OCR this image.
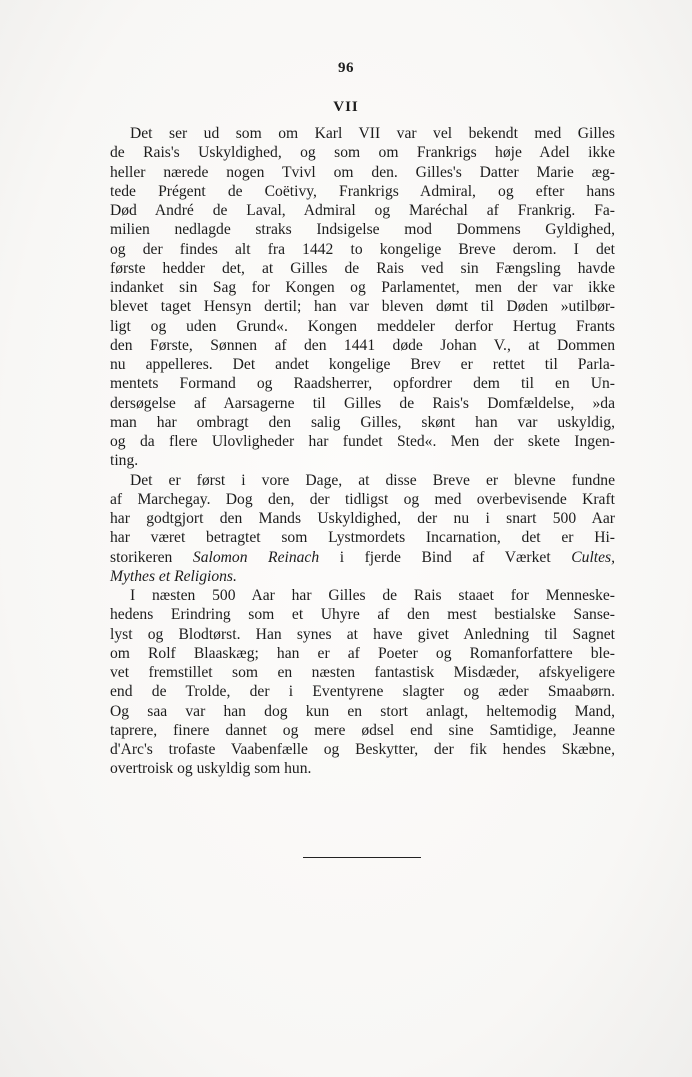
96
VII
Det ser ud som om Karl VII var vel bekendt med Gilles
de Rais's Uskyldighed, og som om Frankrigs høje Adel ikke
heller nærede nogen Tvivl om den. Gilles's Datter Marie æg-
tede Prégent de Coëtivy, Frankrigs Admiral, og efter hans
Død André de Laval, Admiral og Maréchal af Frankrig. Fa-
milien nedlagde straks Indsigelse mod Dommens Gyldighed,
og der findes alt fra 1442 to kongelige Breve derom. I det
første hedder det, at Gilles de Rais ved sin Fængsling havde
indanket sin Sag for Kongen og Parlamentet, men der var ikke
blevet taget Hensyn dertil; han var bleven dømt til Døden »utilbør-
ligt og uden Grund«. Kongen meddeler derfor Hertug Frants
den Første, Sønnen af den 1441 døde Johan V., at Dommen
nu appelleres. Det andet kongelige Brev er rettet til Parla-
mentets Formand og Raadsherrer, opfordrer dem til en Un-
dersøgelse af Aarsagerne til Gilles de Rais's Domfældelse, »da
man har ombragt den salig Gilles, skønt han var uskyldig,
og da flere Ulovligheder har fundet Sted«. Men der skete Ingen-
ting.
Det er først i vore Dage, at disse Breve er blevne fundne
af Marchegay. Dog den, der tidligst og med overbevisende Kraft
har godtgjort den Mands Uskyldighed, der nu i snart 500 Aar
har været betragtet som Lystmordets Incarnation, det er Hi-
storikeren Salomon Reinach i fjerde Bind af Værket Cultes,
Mythes et Religions.
I næsten 500 Aar har Gilles de Rais staaet for Menneske-
hedens Erindring som et Uhyre af den mest bestialske Sanse-
lyst og Blodtørst. Han synes at have givet Anledning til Sagnet
om Rolf Blaaskæg; han er af Poeter og Romanforfattere ble-
vet fremstillet som en næsten fantastisk Misdæder, afskyeligere
end de Trolde, der i Eventyrene slagter og æder Smaabørn.
Og saa var han dog kun en stort anlagt, heltemodig Mand,
taprere, finere dannet og mere ødsel end sine Samtidige, Jeanne
d'Arc's trofaste Vaabenfælle og Beskytter, der fik hendes Skæbne,
overtroisk og uskyldig som hun.
